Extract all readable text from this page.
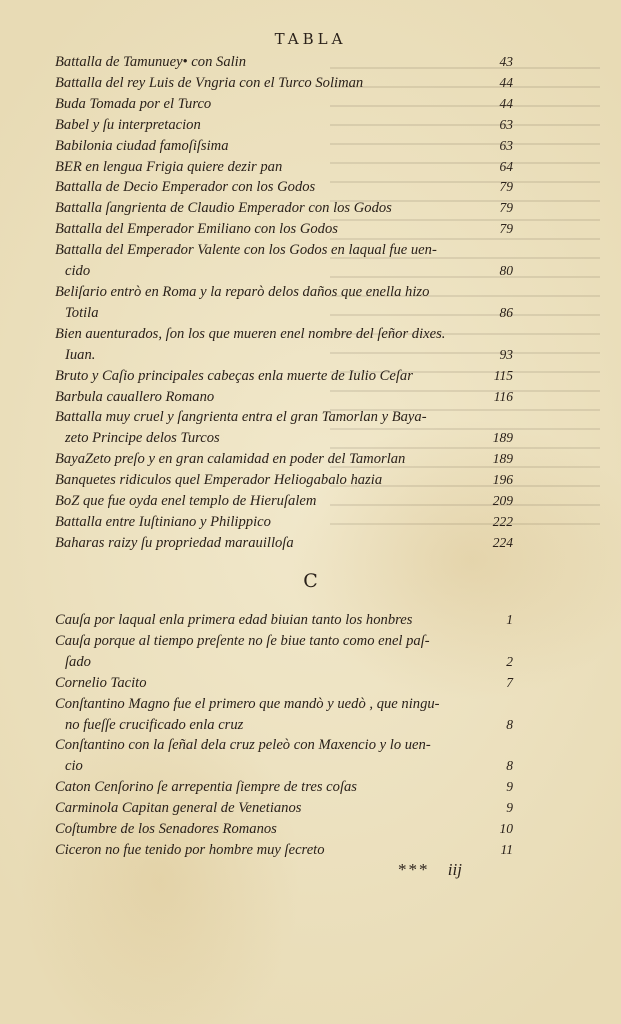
TABLA
Battalla de Tamunuey• con Salin	43
Battalla del rey Luis de Vngria con el Turco Soliman	44
Buda Tomada por el Turco	44
Babel y ſu interpretacion	63
Babilonia ciudad famoſiſsima	63
BER en lengua Frigia quiere dezir pan	64
Battalla de Decio Emperador con los Godos	79
Battalla ſangrienta de Claudio Emperador con los Godos	79
Battalla del Emperador Emiliano con los Godos	79
Battalla del Emperador Valente con los Godos en laqual fue uen-
cido	80
Beliſario entrò en Roma y la reparò delos daños que enella hizo
Totila	86
Bien auenturados, ſon los que mueren enel nombre del ſeñor dixes.
Iuan.	93
Bruto y Caſio principales cabeças enla muerte de Iulio Ceſar	115
Barbula cauallero Romano	116
Battalla muy cruel y ſangrienta entra el gran Tamorlan y Baya-
zeto Principe delos Turcos	189
BayaZeto preſo y en gran calamidad en poder del Tamorlan	189
Banquetes ridiculos quel Emperador Heliogabalo hazia	196
BoZ que fue oyda enel templo de Hieruſalem	209
Battalla entre Iuſtiniano y Philippico	222
Baharas raizy ſu propriedad marauilloſa	224
C
Cauſa por laqual enla primera edad biuian tanto los honbres	1
Cauſa porque al tiempo preſente no ſe biue tanto como enel paſ-
ſado	2
Cornelio Tacito	7
Conſtantino Magno fue el primero que mandò y uedò , que ningu-
no fueſſe crucificado enla cruz	8
Conſtantino con la ſeñal dela cruz peleò con Maxencio y lo uen-
cio	8
Caton Cenſorino ſe arrepentia ſiempre de tres coſas	9
Carminola Capitan general de Venetianos	9
Coſtumbre de los Senadores Romanos	10
Ciceron no fue tenido por hombre muy ſecreto	11
*** iij
